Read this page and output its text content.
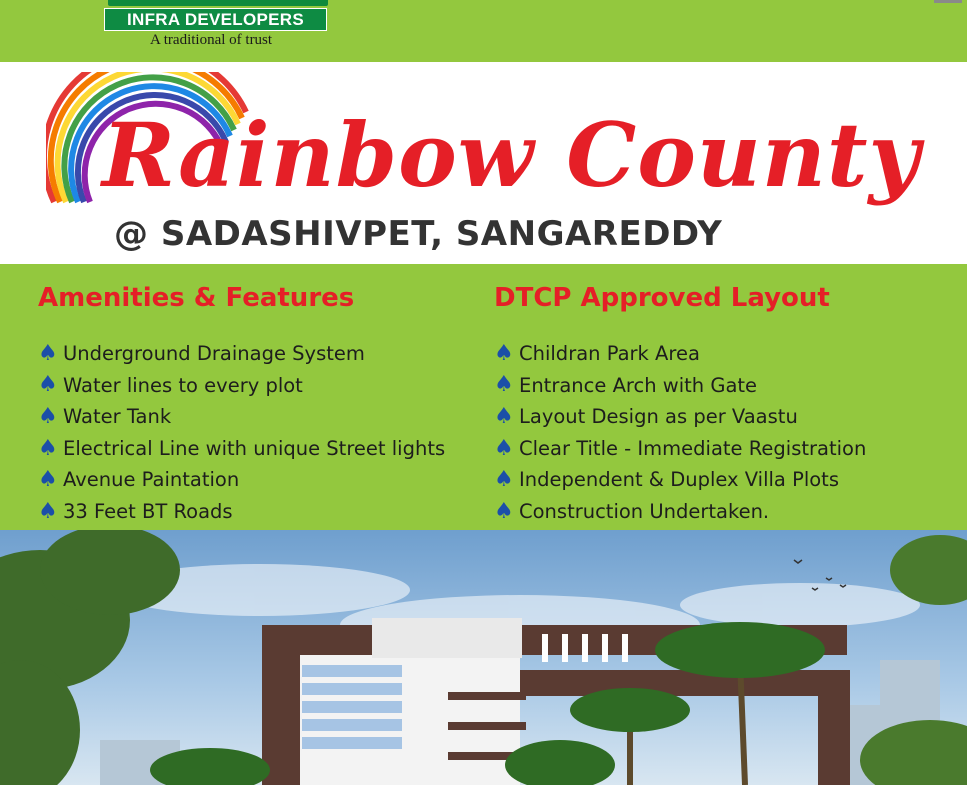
INFRA DEVELOPERS
A traditional of trust
Rainbow County
@ SADASHIVPET, SANGAREDDY
Amenities & Features
♠ Underground Drainage System
♠ Water lines to every plot
♠ Water Tank
♠ Electrical Line with unique Street lights
♠ Avenue Paintation
♠ 33 Feet BT Roads
DTCP Approved Layout
♠ Childran Park Area
♠ Entrance Arch with Gate
♠ Layout Design as per Vaastu
♠ Clear Title - Immediate Registration
♠ Independent & Duplex Villa Plots
♠ Construction Undertaken.
